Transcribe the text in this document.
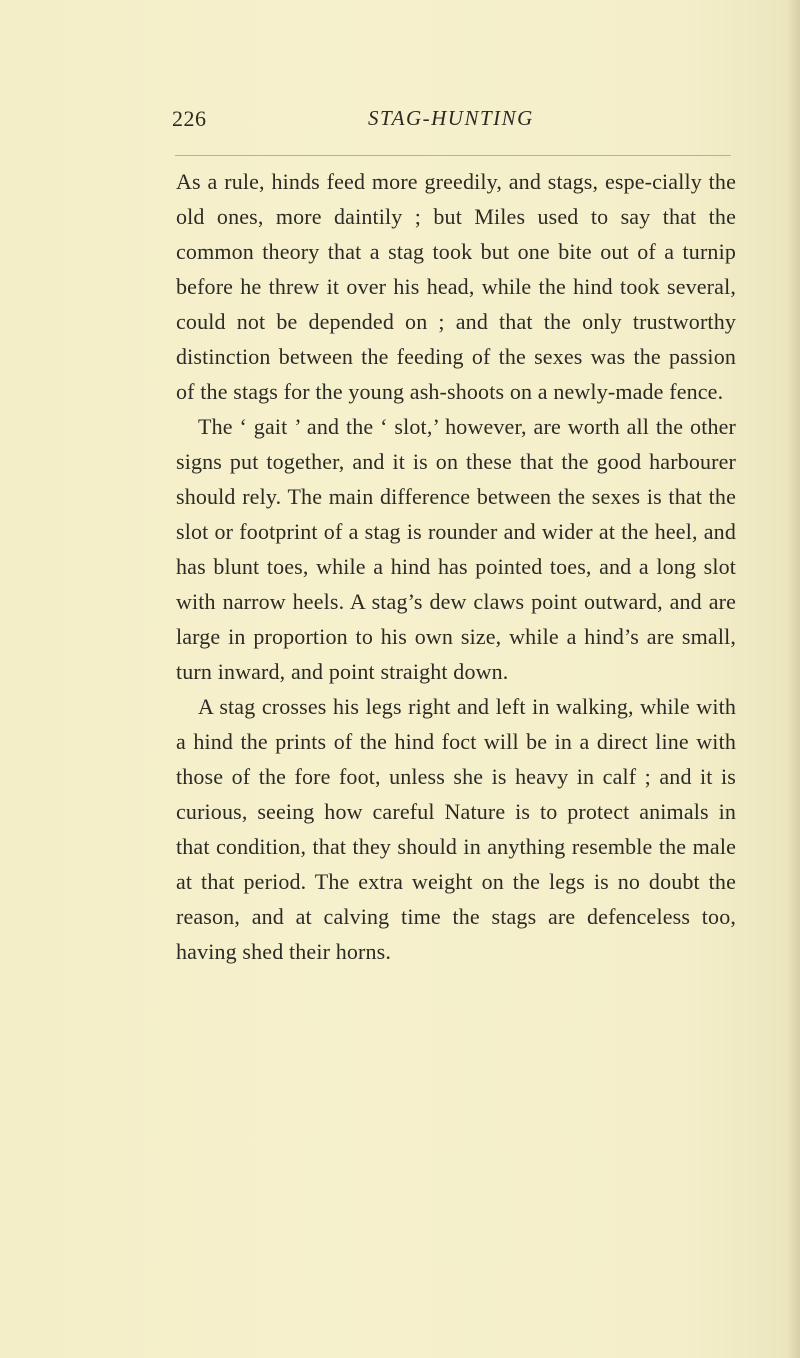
226	STAG-HUNTING

As a rule, hinds feed more greedily, and stags, espe-cially the old ones, more daintily ; but Miles used to say that the common theory that a stag took but one bite out of a turnip before he threw it over his head, while the hind took several, could not be depended on ; and that the only trustworthy distinction between the feeding of the sexes was the passion of the stags for the young ash-shoots on a newly-made fence.

The ‘ gait ’ and the ‘ slot,’ however, are worth all the other signs put together, and it is on these that the good harbourer should rely. The main difference between the sexes is that the slot or footprint of a stag is rounder and wider at the heel, and has blunt toes, while a hind has pointed toes, and a long slot with narrow heels. A stag’s dew claws point outward, and are large in proportion to his own size, while a hind’s are small, turn inward, and point straight down.

A stag crosses his legs right and left in walking, while with a hind the prints of the hind foct will be in a direct line with those of the fore foot, unless she is heavy in calf ; and it is curious, seeing how careful Nature is to protect animals in that condition, that they should in anything resemble the male at that period. The extra weight on the legs is no doubt the reason, and at calving time the stags are defenceless too, having shed their horns.
